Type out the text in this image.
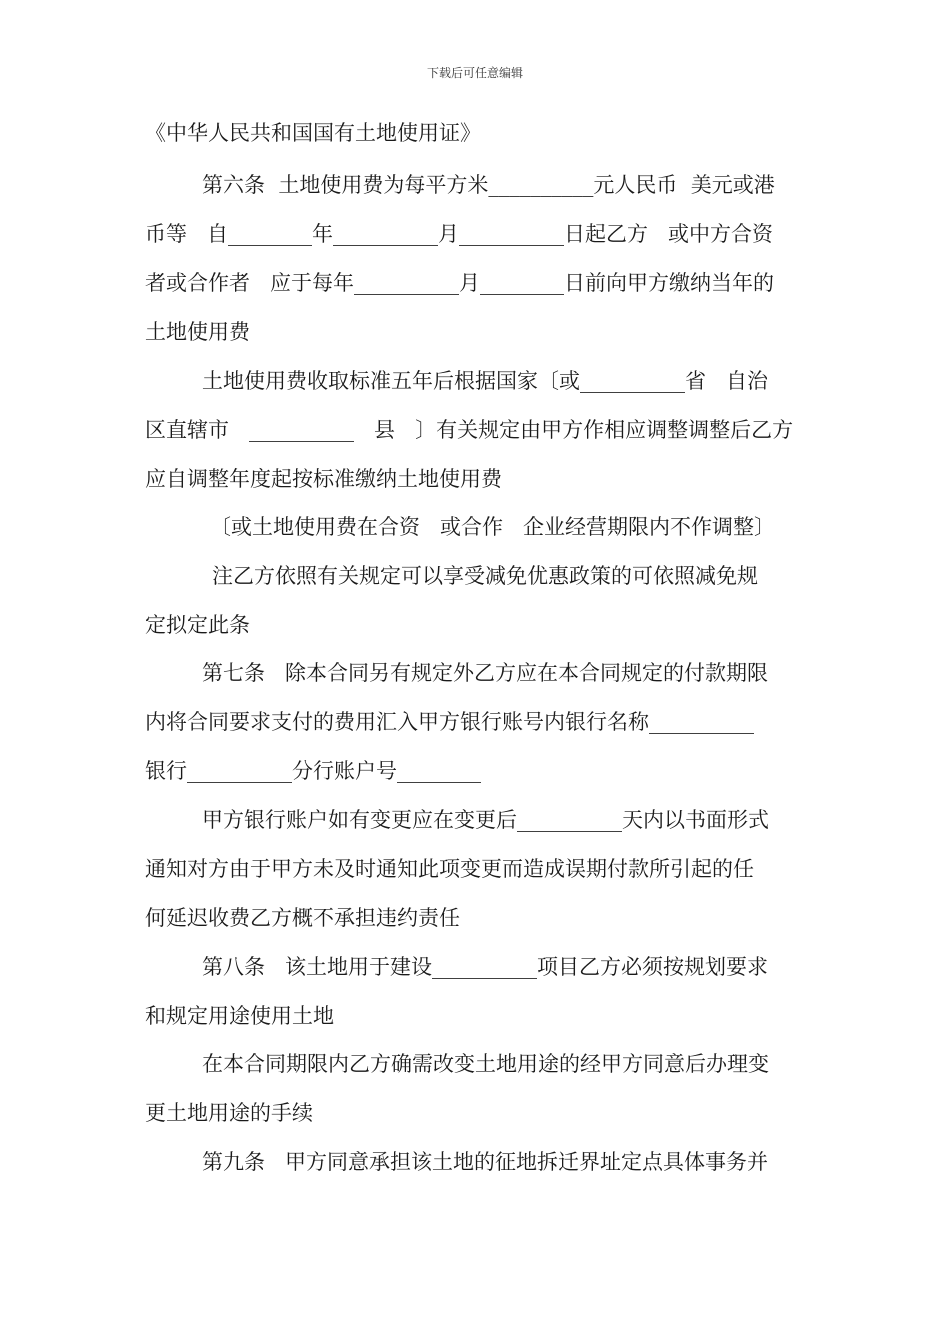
下载后可任意编辑
《中华人民共和国国有土地使用证》
第六条  土地使用费为每平方米__________元人民币  美元或港
币等   自________年__________月__________日起乙方   或中方合资
者或合作者   应于每年__________月________日前向甲方缴纳当年的
土地使用费
土地使用费收取标准五年后根据国家〔或__________省   自治
区直辖市   __________   县   〕有关规定由甲方作相应调整调整后乙方
应自调整年度起按标准缴纳土地使用费
〔或土地使用费在合资   或合作   企业经营期限内不作调整〕
注乙方依照有关规定可以享受减免优惠政策的可依照减免规
定拟定此条
第七条   除本合同另有规定外乙方应在本合同规定的付款期限
内将合同要求支付的费用汇入甲方银行账号内银行名称__________
银行__________分行账户号________
甲方银行账户如有变更应在变更后__________天内以书面形式
通知对方由于甲方未及时通知此项变更而造成误期付款所引起的任
何延迟收费乙方概不承担违约责任
第八条   该土地用于建设__________项目乙方必须按规划要求
和规定用途使用土地
在本合同期限内乙方确需改变土地用途的经甲方同意后办理变
更土地用途的手续
第九条   甲方同意承担该土地的征地拆迁界址定点具体事务并
